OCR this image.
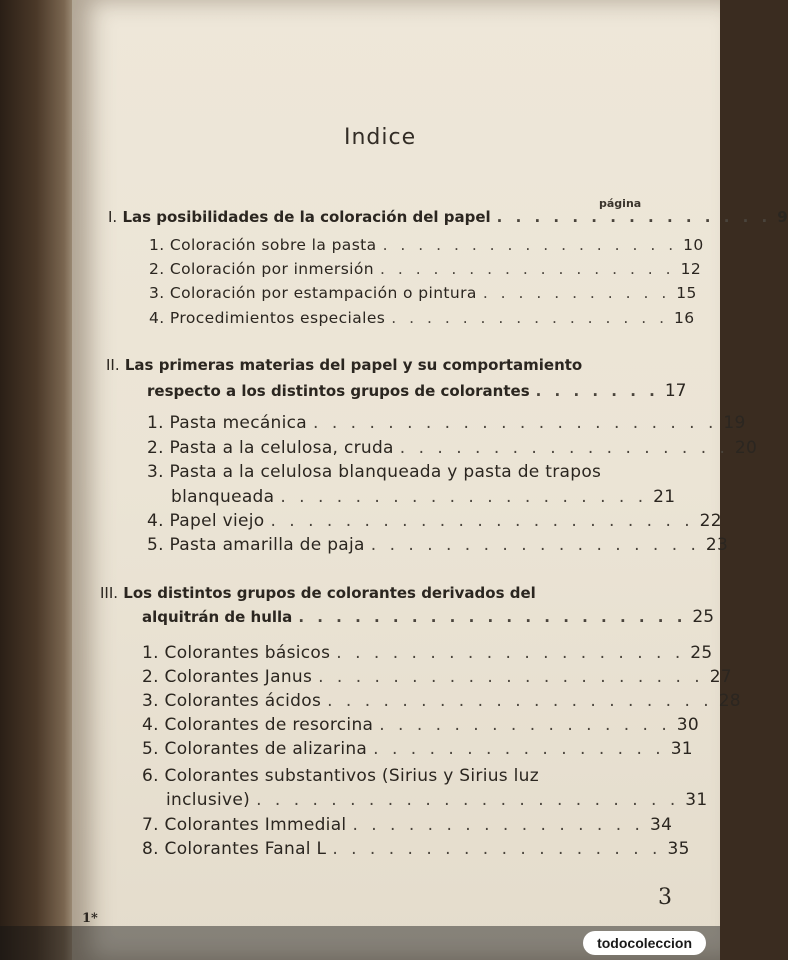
Indice
página
I. Las posibilidades de la coloración del papel . . . . . . . . . . . . . . . 9
1. Coloración sobre la pasta . . . . . . . . . . . . . . . . . 10
2. Coloración por inmersión . . . . . . . . . . . . . . . . . 12
3. Coloración por estampación o pintura . . . . . . . . . . . 15
4. Procedimientos especiales . . . . . . . . . . . . . . . . 16
II. Las primeras materias del papel y su comportamiento
respecto a los distintos grupos de colorantes . . . . . . . 17
1. Pasta mecánica . . . . . . . . . . . . . . . . . . . . . . 19
2. Pasta a la celulosa, cruda . . . . . . . . . . . . . . . . . . 20
3. Pasta a la celulosa blanqueada y pasta de trapos
blanqueada . . . . . . . . . . . . . . . . . . . . 21
4. Papel viejo . . . . . . . . . . . . . . . . . . . . . . . 22
5. Pasta amarilla de paja . . . . . . . . . . . . . . . . . . 23
III. Los distintos grupos de colorantes derivados del
alquitrán de hulla . . . . . . . . . . . . . . . . . . . . . 25
1. Colorantes básicos . . . . . . . . . . . . . . . . . . . 25
2. Colorantes Janus . . . . . . . . . . . . . . . . . . . . . 27
3. Colorantes ácidos . . . . . . . . . . . . . . . . . . . . . 28
4. Colorantes de resorcina . . . . . . . . . . . . . . . . 30
5. Colorantes de alizarina . . . . . . . . . . . . . . . . 31
6. Colorantes substantivos (Sirius y Sirius luz
inclusive) . . . . . . . . . . . . . . . . . . . . . . . 31
7. Colorantes Immedial . . . . . . . . . . . . . . . . 34
8. Colorantes Fanal L . . . . . . . . . . . . . . . . . . 35
1*
3
todocoleccion
